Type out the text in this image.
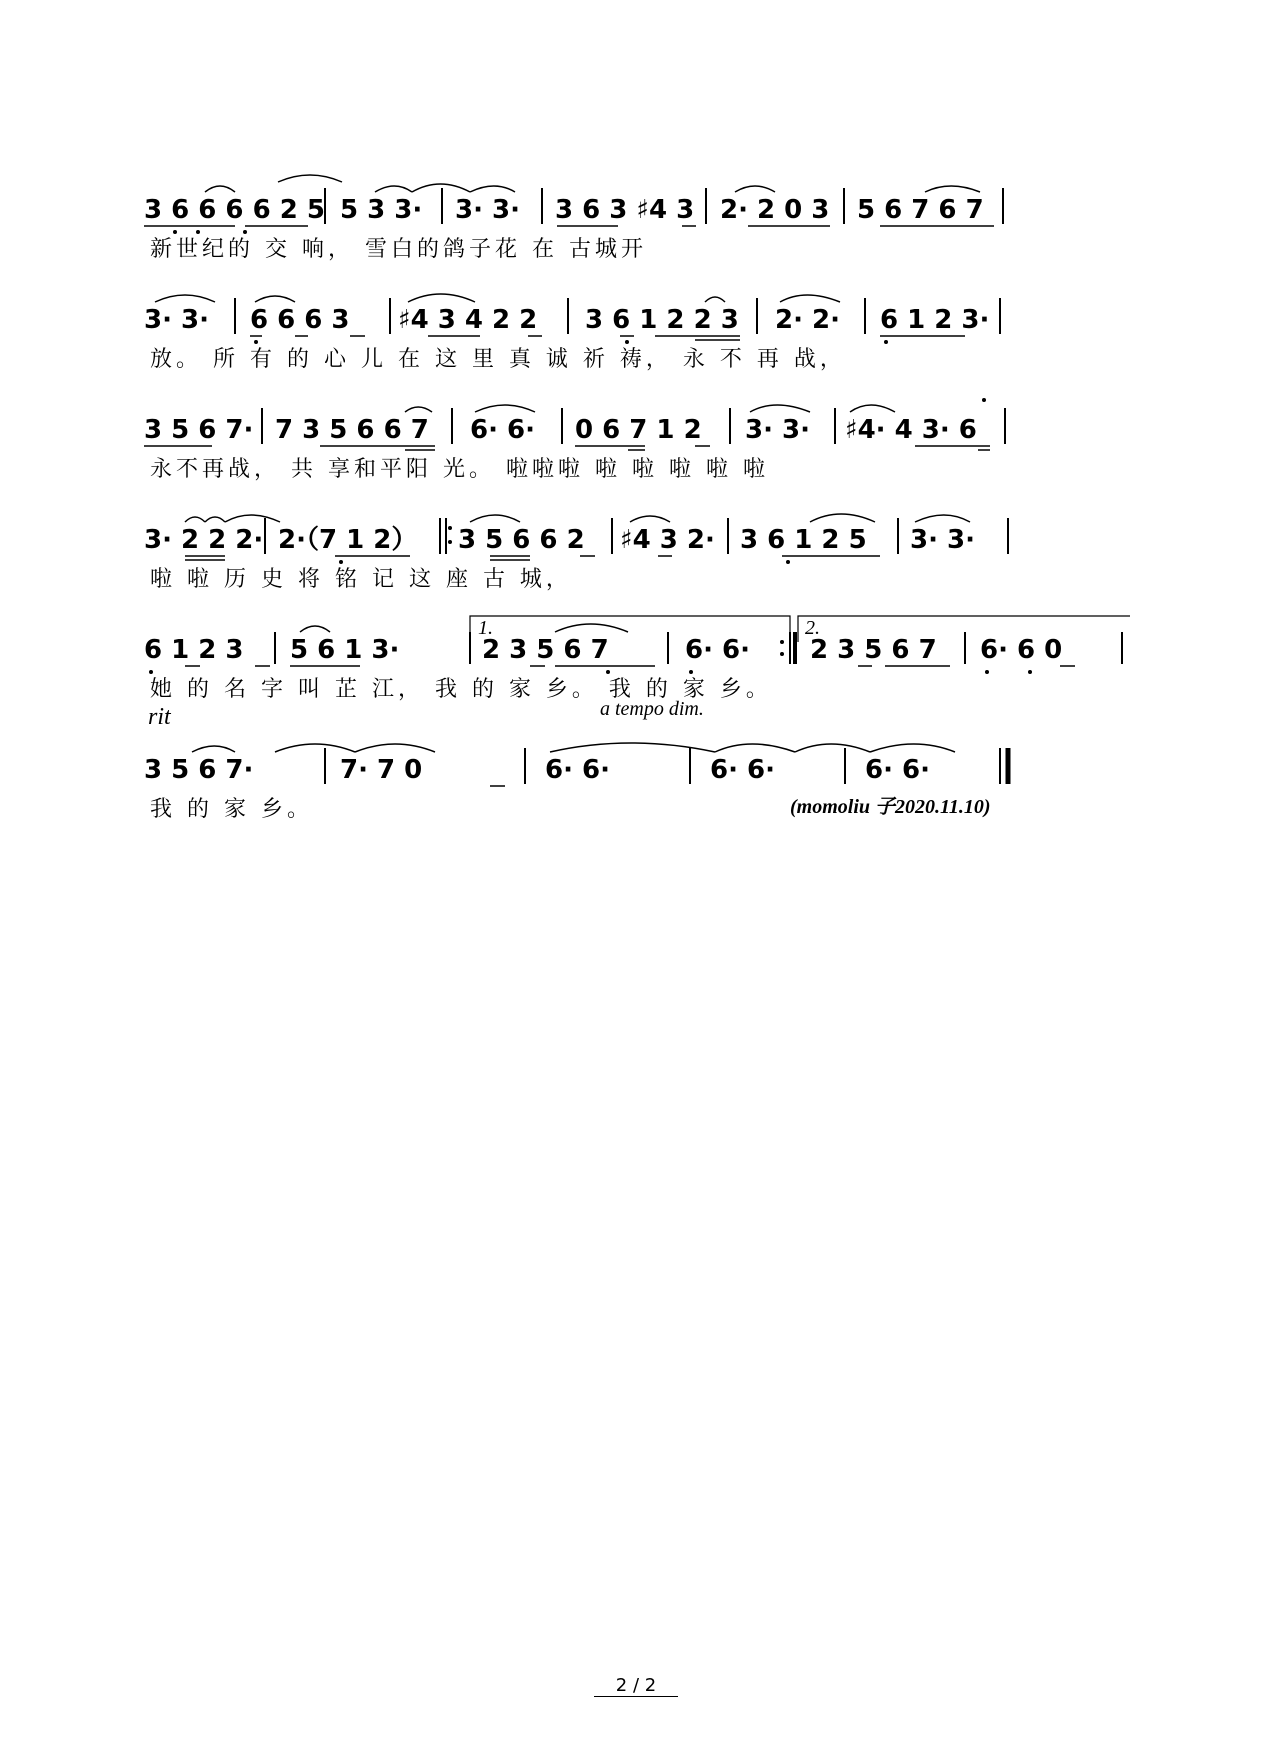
3 6 6 6 6 2 5 5 3 3· 3· 3· 3 6 3 ♯4 3 2· 2 0 3 5 6 7 6 7
新世纪的 交 响， 雪白的鸽子花 在 古城开
3· 3· 6 6 6 3 ♯4 3 4 2 2 3 6 1 2 2 3 2· 2· 6 1 2 3·
放。 所 有 的 心 儿 在 这 里 真 诚 祈 祷， 永 不 再 战，
3 5 6 7· 7 3 5 6 6 7 6· 6· 0 6 7 1 2 3· 3· ♯4· 4 3· 6
永不再战， 共 享和平阳 光。 啦啦啦 啦 啦 啦 啦 啦
3· 2 2 2· 2·（7 1 2） 3 5 6 6 2 ♯4 3 2· 3 6 1 2 5 3· 3·
啦 啦 历 史 将 铭 记 这 座 古 城，
1.	2.
6 1 2 3 5 6 1 3·	2 3 5 6 7	6· 6· 2 3 5 6 7 6· 6 0
她 的 名 字 叫 芷 江， 我 的 家 乡。 我 的 家 乡。
rit	a tempo dim.
3 5 6 7·	7· 7 0	6· 6·	6· 6·	6· 6·
我 的 家 乡。	(momoliu 子2020.11.10)
2 / 2
